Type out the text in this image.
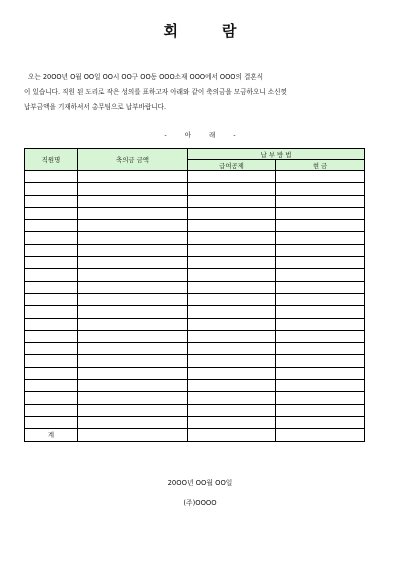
회	람
오는 20OO년 O월 OO일 OO시 OO구 OO동 OOO소재 OOO에서 OOO의 결혼식
이 있습니다. 직원 된 도리로 작은 성의를 표하고자 아래와 같이 축의금을 모금하오니 소신껏
납부금액을 기재하셔서 총무팀으로 납부바랍니다.
-	아	래	-
직원명	축의금 금액	납 부 방 법	
		급여공제	현 금

계			
20OO년 OO월 OO일
(주)OOOO
